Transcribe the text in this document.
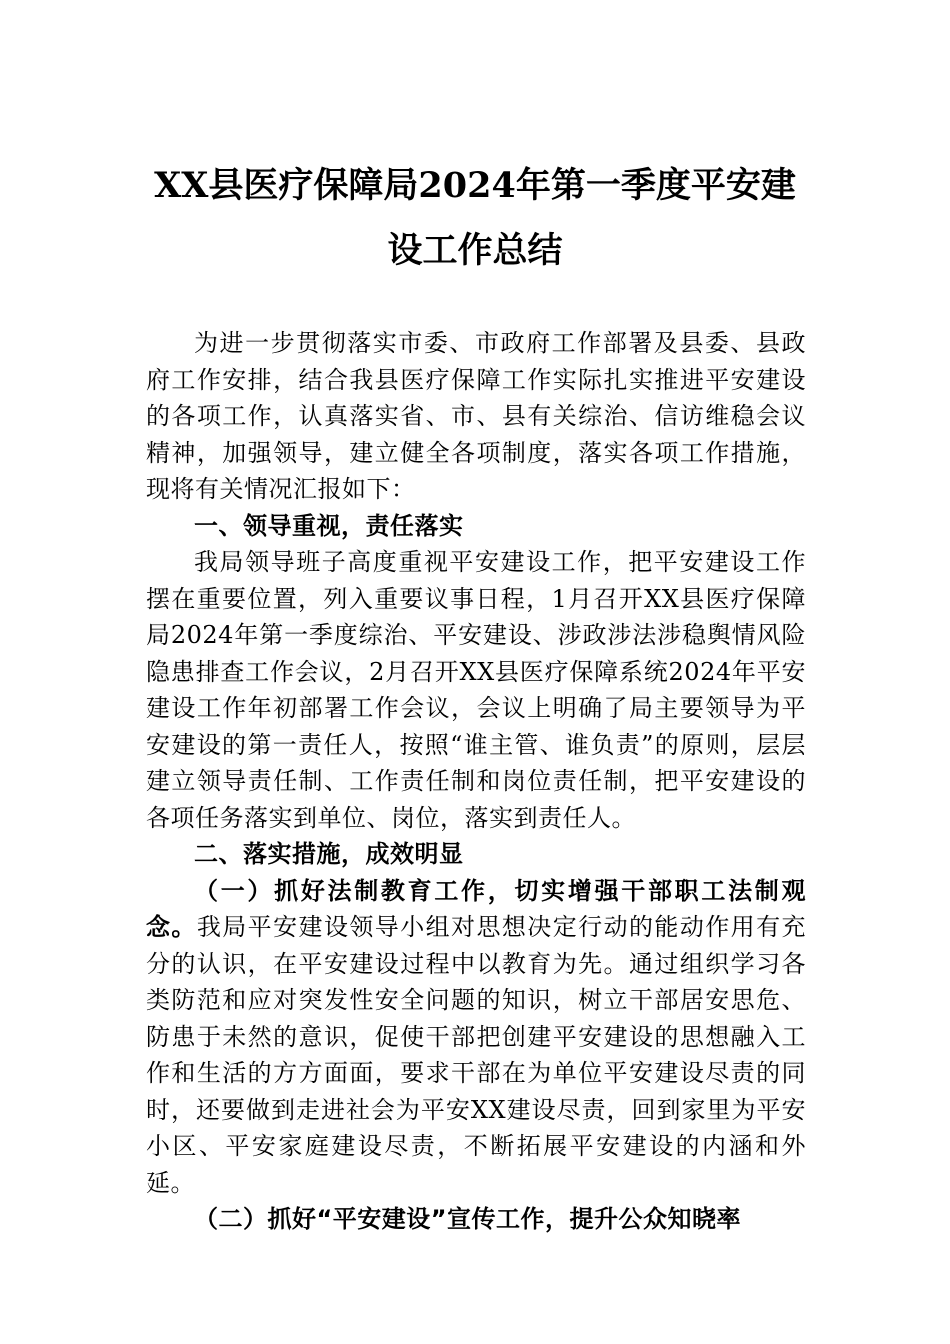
XX县医疗保障局2024年第一季度平安建

设工作总结

为进一步贯彻落实市委、市政府工作部署及县委、县政府工作安排，结合我县医疗保障工作实际扎实推进平安建设的各项工作，认真落实省、市、县有关综治、信访维稳会议精神，加强领导，建立健全各项制度，落实各项工作措施，现将有关情况汇报如下：

一、领导重视，责任落实

我局领导班子高度重视平安建设工作，把平安建设工作摆在重要位置，列入重要议事日程，1月召开XX县医疗保障局2024年第一季度综治、平安建设、涉政涉法涉稳舆情风险隐患排查工作会议，2月召开XX县医疗保障系统2024年平安建设工作年初部署工作会议，会议上明确了局主要领导为平安建设的第一责任人，按照“谁主管、谁负责”的原则，层层建立领导责任制、工作责任制和岗位责任制，把平安建设的各项任务落实到单位、岗位，落实到责任人。

二、落实措施，成效明显

（一）抓好法制教育工作，切实增强干部职工法制观念。我局平安建设领导小组对思想决定行动的能动作用有充分的认识，在平安建设过程中以教育为先。通过组织学习各类防范和应对突发性安全问题的知识，树立干部居安思危、防患于未然的意识，促使干部把创建平安建设的思想融入工作和生活的方方面面，要求干部在为单位平安建设尽责的同时，还要做到走进社会为平安XX建设尽责，回到家里为平安小区、平安家庭建设尽责，不断拓展平安建设的内涵和外延。

（二）抓好“平安建设”宣传工作，提升公众知晓率
